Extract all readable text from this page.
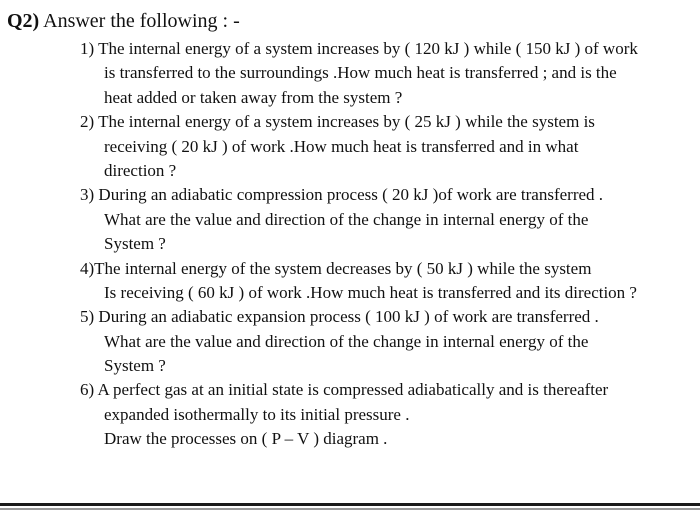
Q2) Answer the following : -
1) The internal energy of a system increases by ( 120 kJ ) while ( 150 kJ ) of work
is transferred to the surroundings .How much heat is transferred ; and is the
heat added or taken away from the system ?
2) The internal energy of a system increases by ( 25 kJ ) while the system is
receiving ( 20 kJ ) of work .How much heat is transferred and in what
direction ?
3) During an adiabatic compression process ( 20 kJ )of work are transferred .
What are the value and direction of the change in internal energy of the
System ?
4)The internal energy of the system decreases by ( 50 kJ ) while the system
Is receiving ( 60 kJ ) of work .How much heat is transferred and its direction ?
5) During an adiabatic expansion process ( 100 kJ ) of work are transferred .
What are the value and direction of the change in internal energy of the
System ?
6) A perfect gas at an initial state is compressed adiabatically and is thereafter
expanded isothermally to its initial pressure .
Draw the processes on ( P – V ) diagram .
